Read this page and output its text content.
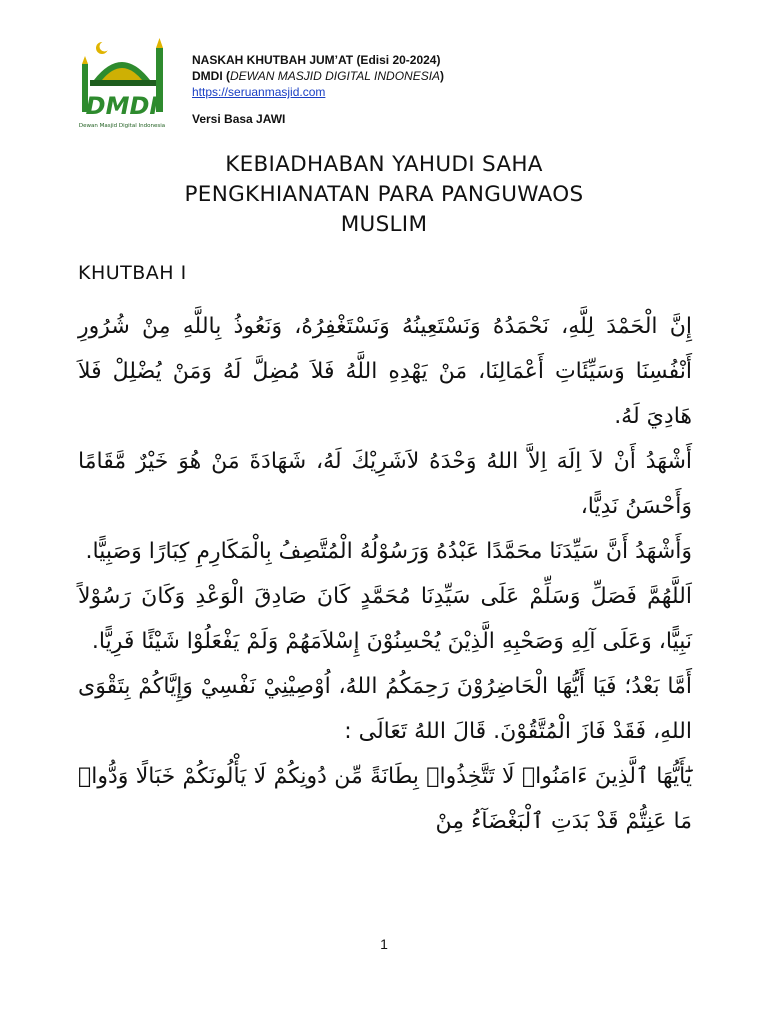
DMDI
Dewan Masjid Digital Indonesia
NASKAH KHUTBAH JUM’AT (Edisi 20-2024)
DMDI (DEWAN MASJID DIGITAL INDONESIA)
https://seruanmasjid.com
Versi Basa JAWI
KEBIADHABAN YAHUDI SAHA
PENGKHIANATAN PARA PANGUWAOS
MUSLIM
KHUTBAH I

إِنَّ الْحَمْدَ لِلَّهِ، نَحْمَدُهُ وَنَسْتَعِينُهُ وَنَسْتَغْفِرُهُ، وَنَعُوذُ بِاللَّهِ مِنْ شُرُورِ أَنْفُسِنَا وَسَيِّئَاتِ أَعْمَالِنَا، مَنْ يَهْدِهِ اللَّهُ فَلاَ مُضِلَّ لَهُ وَمَنْ يُضْلِلْ فَلاَ هَادِيَ لَهُ.

أَشْهَدُ أَنْ لاَ اِلَهَ اِلاَّ اللهُ وَحْدَهُ لاَشَرِيْكَ لَهُ، شَهَادَةَ مَنْ هُوَ خَيْرٌ مَّقَامًا وَأَحْسَنُ نَدِيًّا،

وَأَشْهَدُ أَنَّ سَيِّدَنَا محَمَّدًا عَبْدُهُ وَرَسُوْلُهُ الْمُتَّصِفُ بِالْمَكَارِمِ كِبَارًا وَصَبِيًّا.

اَللَّهُمَّ فَصَلِّ وَسَلِّمْ عَلَى سَيِّدِنَا مُحَمَّدٍ كَانَ صَادِقَ الْوَعْدِ وَكَانَ رَسُوْلاً نَبِيًّا، وَعَلَى آلِهِ وَصَحْبِهِ الَّذِيْنَ يُحْسِنُوْنَ إِسْلاَمَهُمْ وَلَمْ يَفْعَلُوْا شَيْئًا فَرِيًّا.

أَمَّا بَعْدُ؛ فَيَا أَيُّهَا الْحَاضِرُوْنَ رَحِمَكُمُ اللهُ، اُوْصِيْنِيْ نَفْسِيْ وَإِيَّاكُمْ بِتَقْوَى اللهِ، فَقَدْ فَازَ الْمُتَّقُوْنَ. قَالَ اللهُ تَعَالَى :

يَٰٓأَيُّهَا ٱلَّذِينَ ءَامَنُوا۟ لَا تَتَّخِذُوا۟ بِطَانَةً مِّن دُونِكُمْ لَا يَأْلُونَكُمْ خَبَالًا وَدُّوا۟ مَا عَنِتُّمْ قَدْ بَدَتِ ٱلْبَغْضَآءُ مِنْ

1
